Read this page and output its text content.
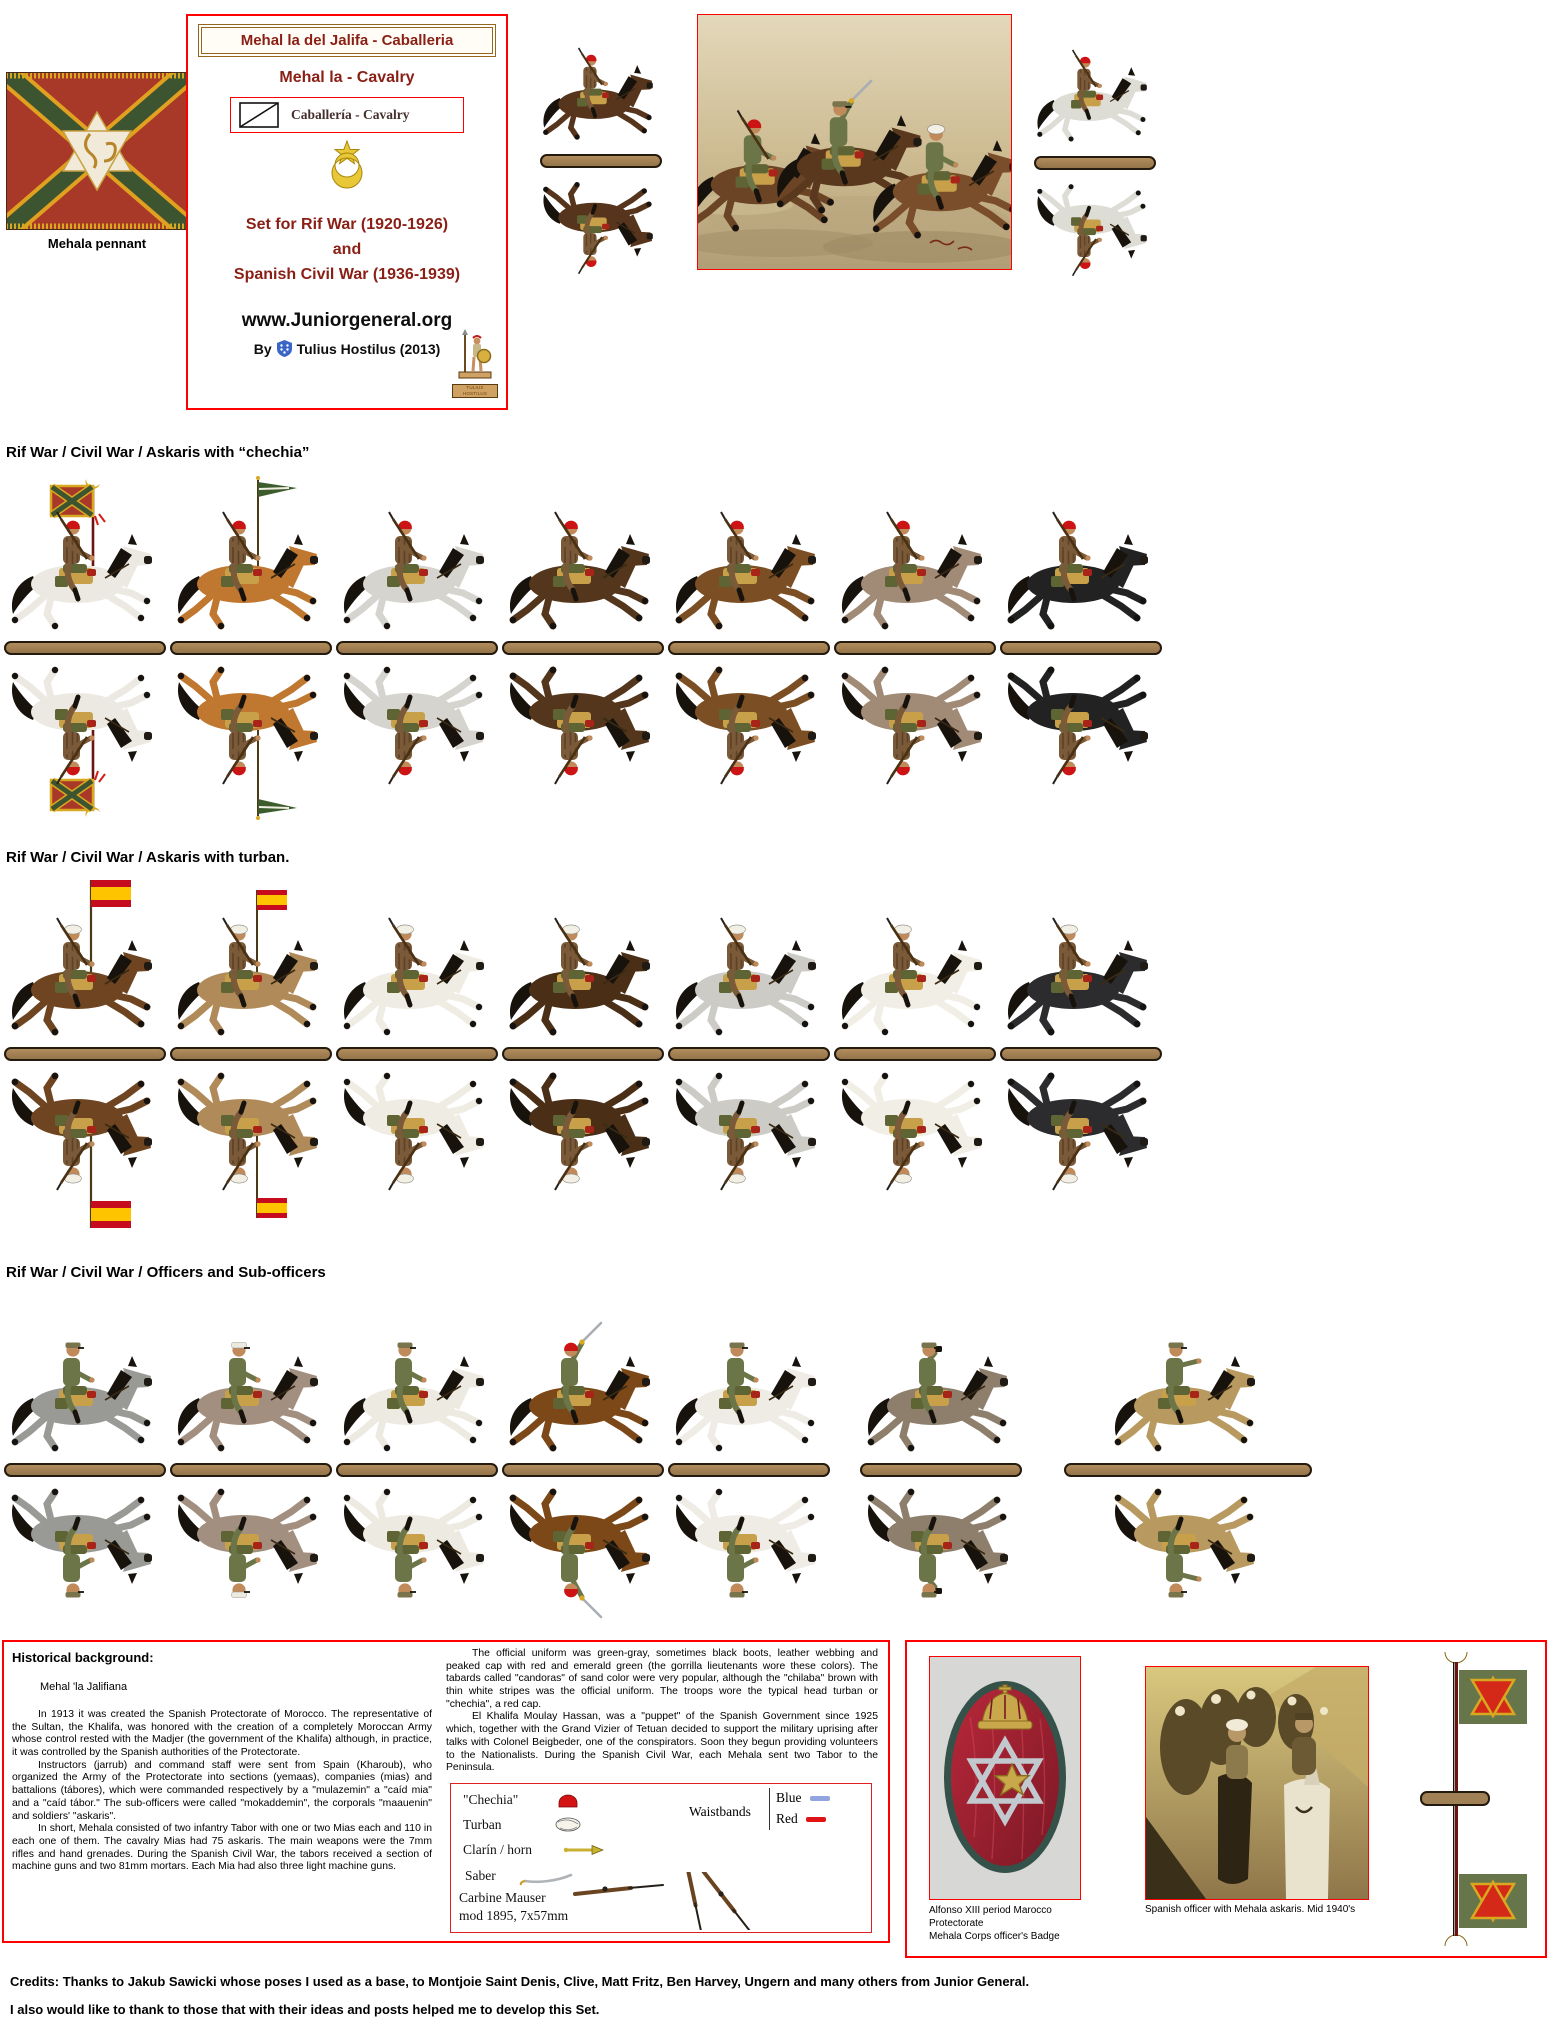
Mehala pennant
Mehal la del Jalifa - Caballeria
Mehal la - Cavalry
Caballería - Cavalry
Set for Rif War (1920-1926)
and
Spanish Civil War (1936-1939)
www.Juniorgeneral.org
By Tulius Hostilus (2013)
TULIUS HOSTILUS
Rif War / Civil War / Askaris with “chechia”
Rif War / Civil War / Askaris with turban.
Rif War / Civil War / Officers and Sub-officers
Historical background:
Mehal 'la Jalifiana

In 1913 it was created the Spanish Protectorate of Morocco. The representative of the Sultan, the Khalifa, was honored with the creation of a completely Moroccan Army whose control rested with the Madjer (the government of the Khalifa) although, in practice, it was controlled by the Spanish authorities of the Protectorate.

Instructors (jarrub) and command staff were sent from Spain (Kharoub), who organized the Army of the Protectorate into sections (yemaas), companies (mias) and battalions (tábores), which were commanded respectively by a "mulazemin" a "caíd mia" and a "caíd tábor." The sub-officers were called "mokaddemin", the corporals "maauenin" and soldiers' "askaris".

In short, Mehala consisted of two infantry Tabor with one or two Mias each and 110 in each one of them. The cavalry Mias had 75 askaris. The main weapons were the 7mm rifles and hand grenades. During the Spanish Civil War, the tabors received a section of machine guns and two 81mm mortars. Each Mia had also three light machine guns.

The official uniform was green-gray, sometimes black boots, leather webbing and peaked cap with red and emerald green (the gorrilla lieutenants wore these colors). The tabards called "candoras" of sand color were very popular, although the "chilaba" brown with thin white stripes was the official uniform. The troops wore the typical head turban or "chechia", a red cap.

El Khalifa Moulay Hassan, was a "puppet" of the Spanish Government since 1925 which, together with the Grand Vizier of Tetuan decided to support the military uprising after talks with Colonel Beigbeder, one of the conspirators. Soon they begun providing volunteers to the Nationalists. During the Spanish Civil War, each Mehala sent two Tabor to the Peninsula.

"Chechia"
Turban
Clarín / horn
Saber
Carbine Mauser
mod 1895, 7x57mm
Waistbands
Blue
Red
Alfonso XIII period Marocco Protectorate
Mehala Corps officer's Badge
Spanish officer with Mehala askaris. Mid 1940's
Credits: Thanks to Jakub Sawicki whose poses I used as a base, to Montjoie Saint Denis, Clive, Matt Fritz, Ben Harvey, Ungern and many others from Junior General.
I also would like to thank to those that with their ideas and posts helped me to develop this Set.
